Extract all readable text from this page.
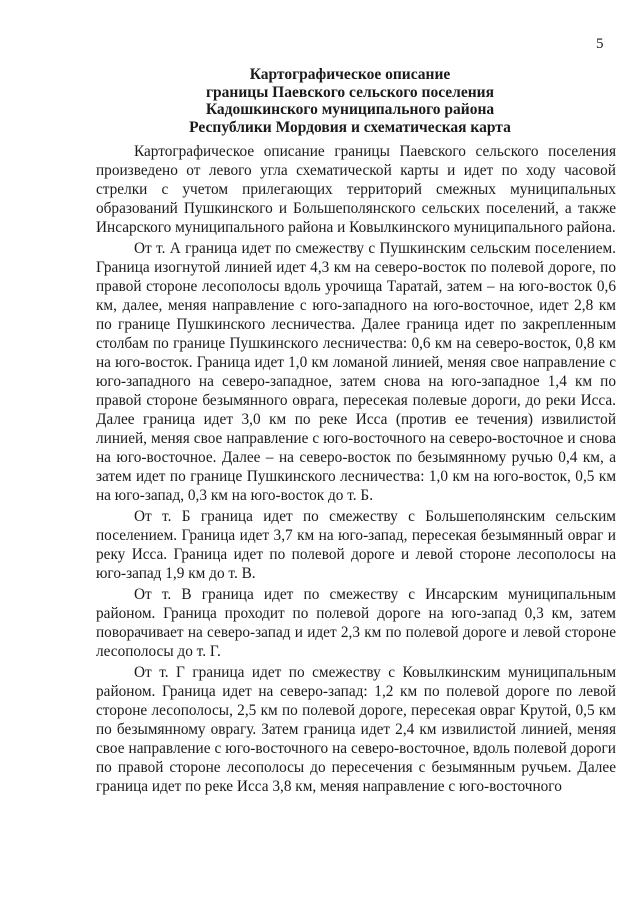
5
Картографическое описание
границы Паевского сельского поселения
Кадошкинского муниципального района
Республики Мордовия и схематическая карта

Картографическое описание границы Паевского сельского поселения произведено от левого угла схематической карты и идет по ходу часовой стрелки с учетом прилегающих территорий смежных муниципальных образований Пушкинского и Большеполянского сельских поселений, а также Инсарского муниципального района и Ковылкинского муниципального района.

От т. А граница идет по смежеству с Пушкинским сельским поселением. Граница изогнутой линией идет 4,3 км на северо-восток по полевой дороге, по правой стороне лесополосы вдоль урочища Таратай, затем – на юго-восток 0,6 км, далее, меняя направление с юго-западного на юго-восточное, идет 2,8 км по границе Пушкинского лесничества. Далее граница идет по закрепленным столбам по границе Пушкинского лесничества: 0,6 км на северо-восток, 0,8 км на юго-восток. Граница идет 1,0 км ломаной линией, меняя свое направление с юго-западного на северо-западное, затем снова на юго-западное 1,4 км по правой стороне безымянного оврага, пересекая полевые дороги, до реки Исса. Далее граница идет 3,0 км по реке Исса (против ее течения) извилистой линией, меняя свое направление с юго-восточного на северо-восточное и снова на юго-восточное. Далее – на северо-восток по безымянному ручью 0,4 км, а затем идет по границе Пушкинского лесничества: 1,0 км на юго-восток, 0,5 км на юго-запад, 0,3 км на юго-восток до т. Б.

От т. Б граница идет по смежеству с Большеполянским сельским поселением. Граница идет 3,7 км на юго-запад, пересекая безымянный овраг и реку Исса. Граница идет по полевой дороге и левой стороне лесополосы на юго-запад 1,9 км до т. В.

От т. В граница идет по смежеству с Инсарским муниципальным районом. Граница проходит по полевой дороге на юго-запад 0,3 км, затем поворачивает на северо-запад и идет 2,3 км по полевой дороге и левой стороне лесополосы до т. Г.

От т. Г граница идет по смежеству с Ковылкинским муниципальным районом. Граница идет на северо-запад: 1,2 км по полевой дороге по левой стороне лесополосы, 2,5 км по полевой дороге, пересекая овраг Крутой, 0,5 км по безымянному оврагу. Затем граница идет 2,4 км извилистой линией, меняя свое направление с юго-восточного на северо-восточное, вдоль полевой дороги по правой стороне лесополосы до пересечения с безымянным ручьем. Далее граница идет по реке Исса 3,8 км, меняя направление с юго-восточного
